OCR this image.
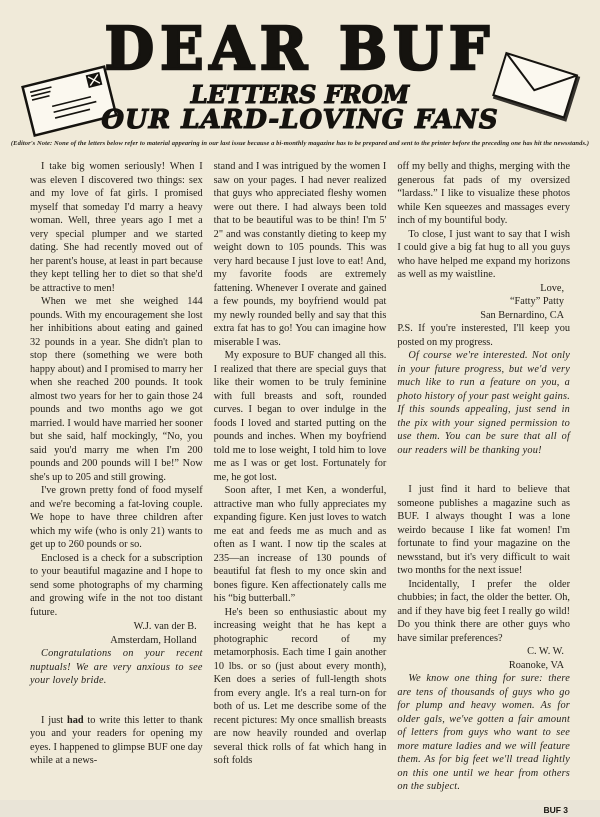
DEAR BUF
LETTERS FROM
OUR LARD-LOVING FANS
(Editor's Note: None of the letters below refer to material appearing in our last issue because a bi-monthly magazine has to be prepared and sent to the printer before the preceding one has hit the newsstands.)

I take big women seriously! When I was eleven I discovered two things: sex and my love of fat girls. I promised myself that someday I'd marry a heavy woman. Well, three years ago I met a very special plumper and we started dating. She had recently moved out of her parent's house, at least in part because they kept telling her to diet so that she'd be attractive to men!

When we met she weighed 144 pounds. With my encouragement she lost her inhibitions about eating and gained 32 pounds in a year. She didn't plan to stop there (something we were both happy about) and I promised to marry her when she reached 200 pounds. It took almost two years for her to gain those 24 pounds and two months ago we got married. I would have married her sooner but she said, half mockingly, “No, you said you'd marry me when I'm 200 pounds and 200 pounds will I be!” Now she's up to 205 and still growing.

I've grown pretty fond of food myself and we're becoming a fat-loving couple. We hope to have three children after which my wife (who is only 21) wants to get up to 260 pounds or so.

Enclosed is a check for a subscription to your beautiful magazine and I hope to send some photographs of my charming and growing wife in the not too distant future.

W.J. van der B.
Amsterdam, Holland

Congratulations on your recent nuptuals! We are very anxious to see your lovely bride.

I just had to write this letter to thank you and your readers for opening my eyes. I happened to glimpse BUF one day while at a news-

stand and I was intrigued by the women I saw on your pages. I had never realized that guys who appreciated fleshy women were out there. I had always been told that to be beautiful was to be thin! I'm 5' 2" and was constantly dieting to keep my weight down to 105 pounds. This was very hard because I just love to eat! And, my favorite foods are extremely fattening. Whenever I overate and gained a few pounds, my boyfriend would pat my newly rounded belly and say that this extra fat has to go! You can imagine how miserable I was.

My exposure to BUF changed all this. I realized that there are special guys that like their women to be truly feminine with full breasts and soft, rounded curves. I began to over indulge in the foods I loved and started putting on the pounds and inches. When my boyfriend told me to lose weight, I told him to love me as I was or get lost. Fortunately for me, he got lost.

Soon after, I met Ken, a wonderful, attractive man who fully appreciates my expanding figure. Ken just loves to watch me eat and feeds me as much and as often as I want. I now tip the scales at 235—an increase of 130 pounds of beautiful fat flesh to my once skin and bones figure. Ken affectionately calls me his “big butterball.”

He's been so enthusiastic about my increasing weight that he has kept a photographic record of my metamorphosis. Each time I gain another 10 lbs. or so (just about every month), Ken does a series of full-length shots from every angle. It's a real turn-on for both of us. Let me describe some of the recent pictures: My once smallish breasts are now heavily rounded and overlap several thick rolls of fat which hang in soft folds

off my belly and thighs, merging with the generous fat pads of my oversized “lardass.” I like to visualize these photos while Ken squeezes and massages every inch of my bountiful body.

To close, I just want to say that I wish I could give a big fat hug to all you guys who have helped me expand my horizons as well as my waistline.

Love,
“Fatty” Patty
San Bernardino, CA

P.S. If you're insterested, I'll keep you posted on my progress.

Of course we're interested. Not only in your future progress, but we'd very much like to run a feature on you, a photo history of your past weight gains. If this sounds appealing, just send in the pix with your signed permission to use them. You can be sure that all of our readers will be thanking you!

I just find it hard to believe that someone publishes a magazine such as BUF. I always thought I was a lone weirdo because I like fat women! I'm fortunate to find your magazine on the newsstand, but it's very difficult to wait two months for the next issue!

Incidentally, I prefer the older chubbies; in fact, the older the better. Oh, and if they have big feet I really go wild! Do you think there are other guys who have similar preferences?

C. W. W.
Roanoke, VA

We know one thing for sure: there are tens of thousands of guys who go for plump and heavy women. As for older gals, we've gotten a fair amount of letters from guys who want to see more mature ladies and we will feature them. As for big feet we'll tread lightly on this one until we hear from others on the subject.

BUF 3
